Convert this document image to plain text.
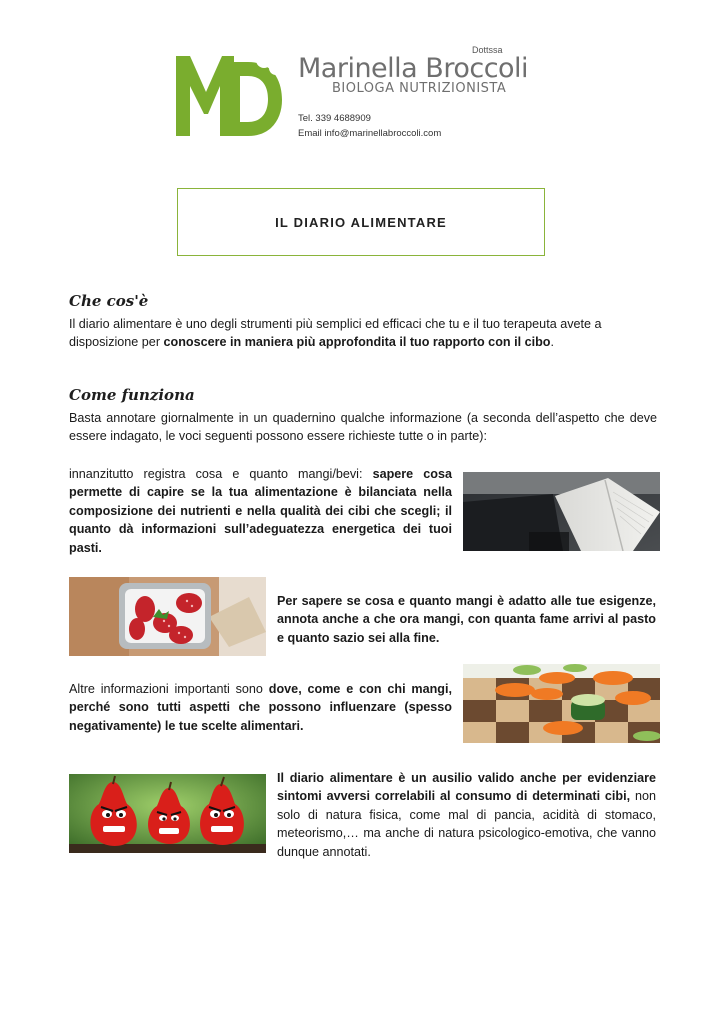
Dottssa
Marinella Broccoli
BIOLOGA NUTRIZIONISTA
Tel. 339 4688909
Email info@marinellabroccoli.com
IL DIARIO ALIMENTARE
Che cos'è
Il diario alimentare è uno degli strumenti più semplici ed efficaci che tu e il tuo terapeuta avete a disposizione per conoscere in maniera più approfondita il tuo rapporto con il cibo.
Come funziona
Basta annotare giornalmente in un quadernino qualche informazione (a seconda dell’aspetto che deve essere indagato, le voci seguenti possono essere richieste tutte o in parte):
innanzitutto registra cosa e quanto mangi/bevi: sapere cosa permette di capire se la tua alimentazione è bilanciata nella composizione dei nutrienti e nella qualità dei cibi che scegli; il quanto dà informazioni sull’adeguatezza energetica dei tuoi pasti.
Per sapere se cosa e quanto mangi è adatto alle tue esigenze, annota anche a che ora mangi, con quanta fame arrivi al pasto e quanto sazio sei alla fine.
Altre informazioni importanti sono dove, come e con chi mangi, perché sono tutti aspetti che possono influenzare (spesso negativamente) le tue scelte alimentari.
Il diario alimentare è un ausilio valido anche per evidenziare sintomi avversi correlabili al consumo di determinati cibi, non solo di natura fisica, come mal di pancia, acidità di stomaco, meteorismo,… ma anche di natura psicologico-emotiva, che vanno dunque annotati.
